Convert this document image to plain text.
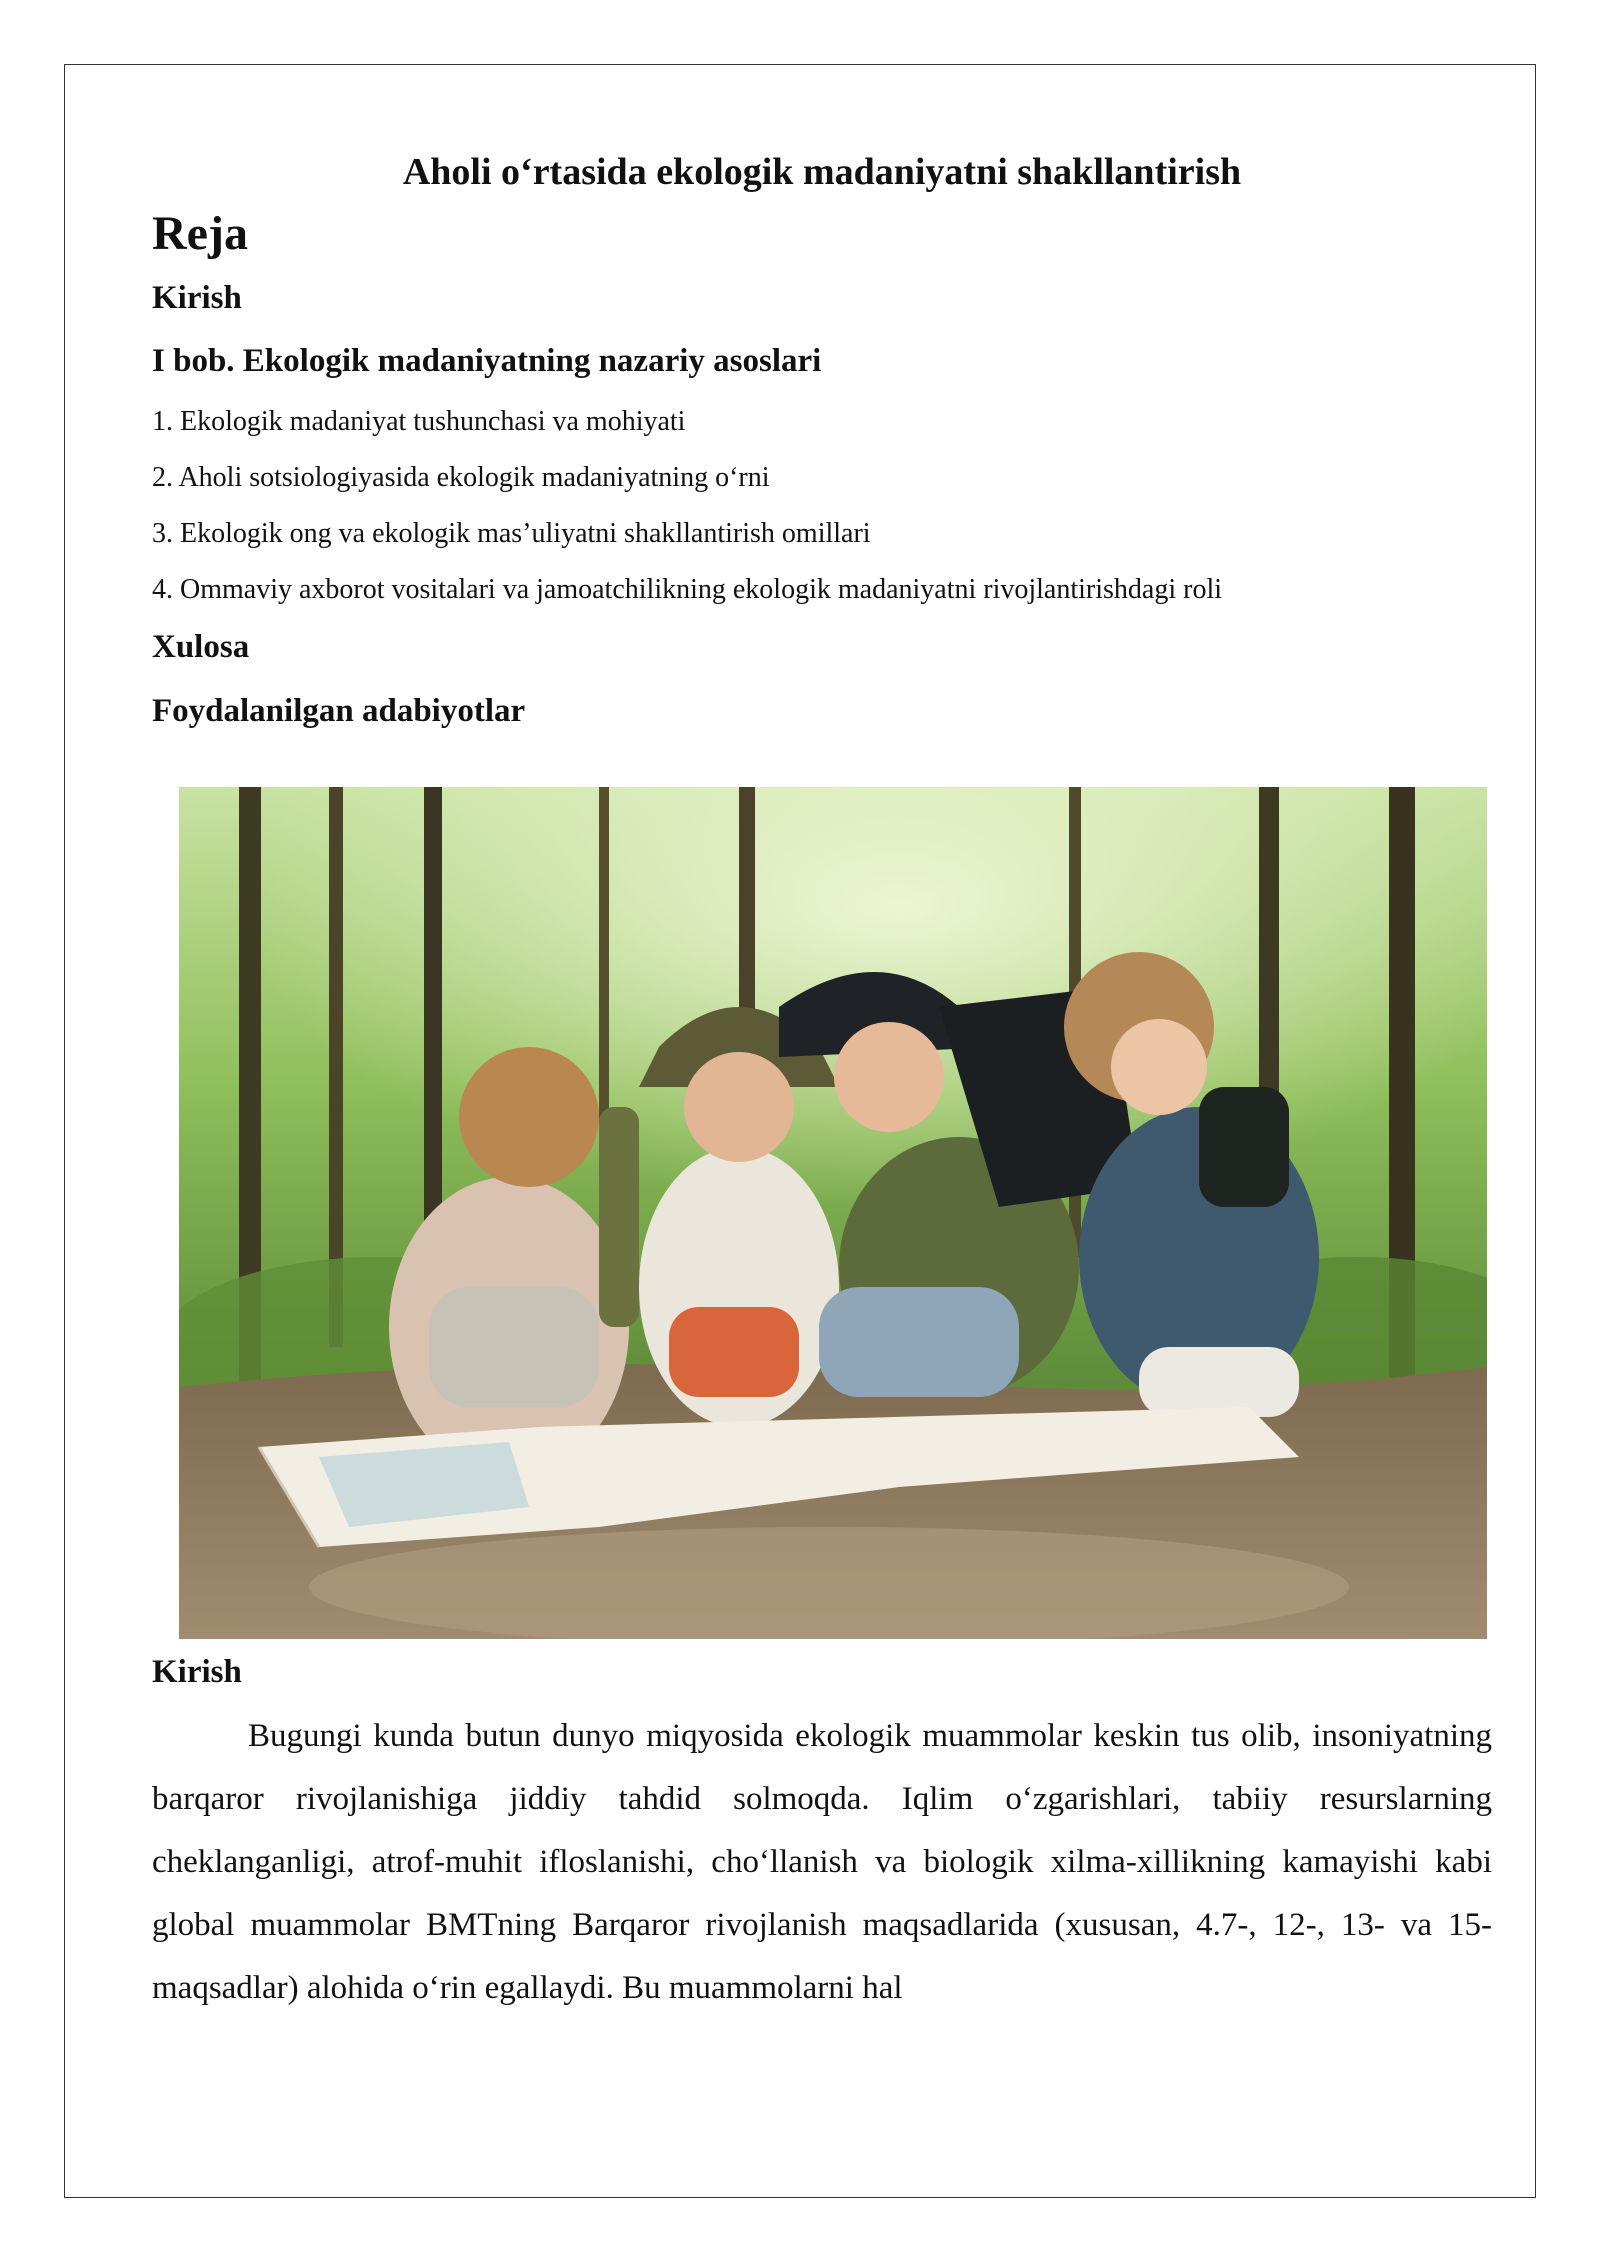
Aholi o‘rtasida ekologik madaniyatni shakllantirish
Reja
Kirish
I bob. Ekologik madaniyatning nazariy asoslari
1. Ekologik madaniyat tushunchasi va mohiyati
2. Aholi sotsiologiyasida ekologik madaniyatning o‘rni
3. Ekologik ong va ekologik mas’uliyatni shakllantirish omillari
4. Ommaviy axborot vositalari va jamoatchilikning ekologik madaniyatni rivojlantirishdagi roli
Xulosa
Foydalanilgan adabiyotlar
Kirish

Bugungi kunda butun dunyo miqyosida ekologik muammolar keskin tus olib, insoniyatning barqaror rivojlanishiga jiddiy tahdid solmoqda. Iqlim o‘zgarishlari, tabiiy resurslarning cheklanganligi, atrof-muhit ifloslanishi, cho‘llanish va biologik xilma-xillikning kamayishi kabi global muammolar BMTning Barqaror rivojlanish maqsadlarida (xususan, 4.7-, 12-, 13- va 15-maqsadlar) alohida o‘rin egallaydi. Bu muammolarni hal
